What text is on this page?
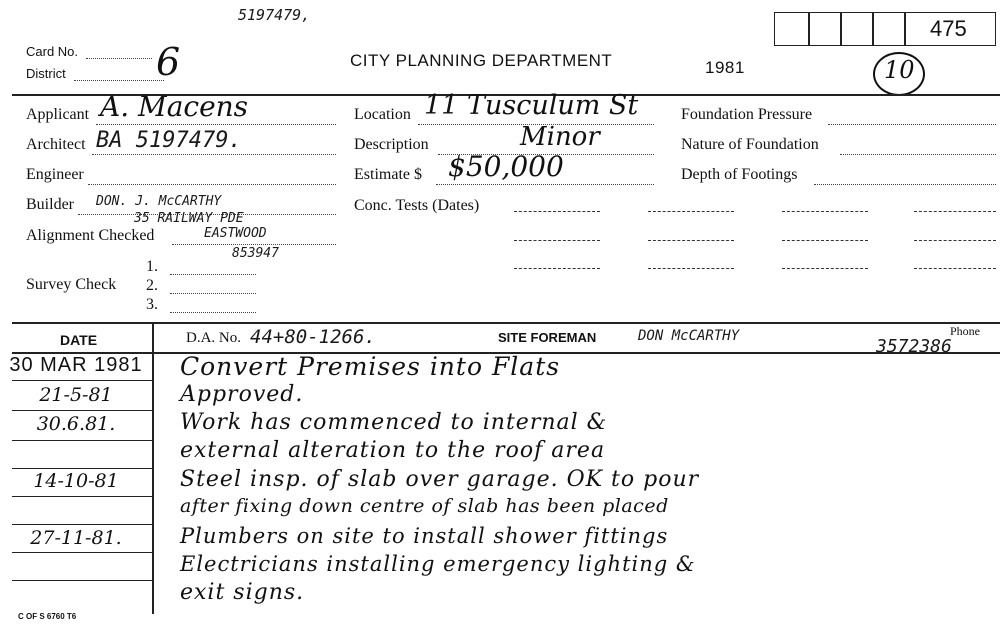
5197479,
Card No.
District 6	CITY PLANNING DEPARTMENT	1981
475
10
Applicant A. Macens
Architect BA 5197479.
Engineer
Builder DON. J. McCARTHY
35 RAILWAY PDE
Alignment Checked	EASTWOOD
853947
1.
Survey Check 2.
3.
Location 11 Tusculum St
Description	Minor
Estimate $ $50,000
Conc. Tests (Dates)
Foundation Pressure
Nature of Foundation
Depth of Footings
DATE	D.A. No. 44+80-1266.	SITE FOREMAN	DON McCARTHY	Phone
3572386
30 MAR 1981 Convert Premises into Flats
21-5-81	Approved.
30.6.81.	Work has commenced to internal &
external alteration to the roof area
14-10-81	Steel insp. of slab over garage. OK to pour
after fixing down centre of slab has been placed
27-11-81.	Plumbers on site to install shower fittings
Electricians installing emergency lighting &
exit signs.
C OF S 6760 T6
